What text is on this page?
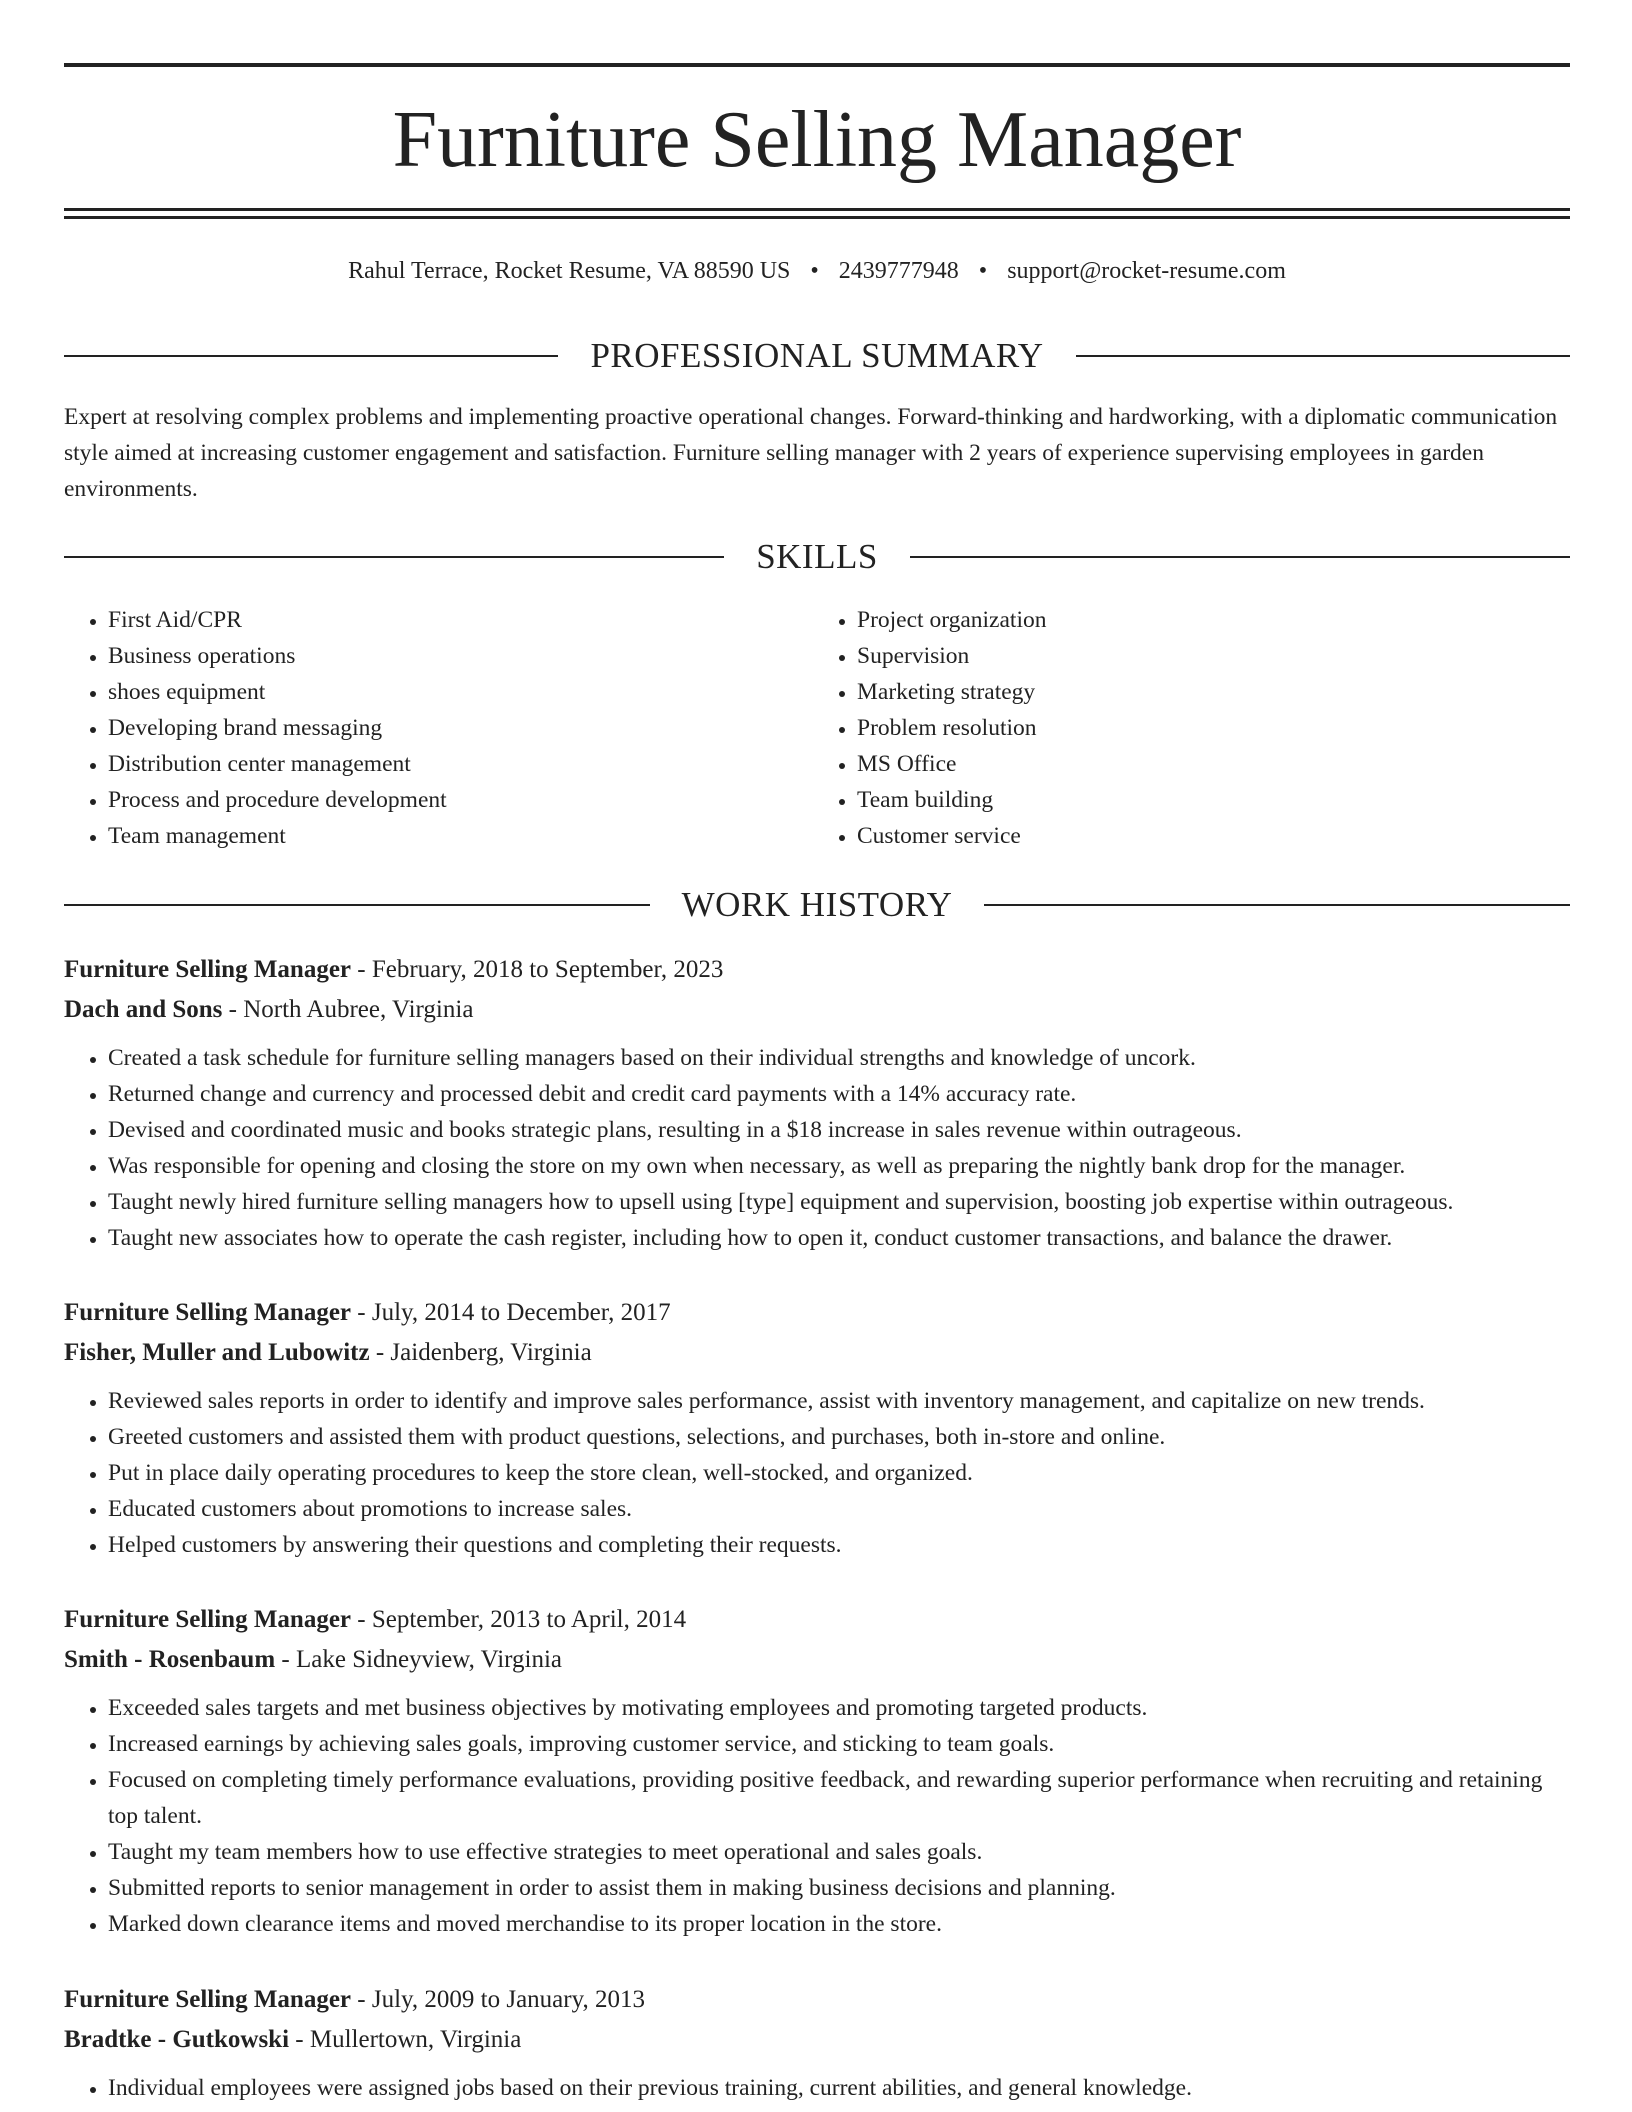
Furniture Selling Manager
Rahul Terrace, Rocket Resume, VA 88590 US • 2439777948 • support@rocket-resume.com
PROFESSIONAL SUMMARY

Expert at resolving complex problems and implementing proactive operational changes. Forward-thinking and hardworking, with a diplomatic communication style aimed at increasing customer engagement and satisfaction. Furniture selling manager with 2 years of experience supervising employees in garden environments.

SKILLS
• First Aid/CPR
• Business operations
• shoes equipment
• Developing brand messaging
• Distribution center management
• Process and procedure development
• Team management
• Project organization
• Supervision
• Marketing strategy
• Problem resolution
• MS Office
• Team building
• Customer service
WORK HISTORY

Furniture Selling Manager - February, 2018 to September, 2023

Dach and Sons - North Aubree, Virginia

• Created a task schedule for furniture selling managers based on their individual strengths and knowledge of uncork.
• Returned change and currency and processed debit and credit card payments with a 14% accuracy rate.
• Devised and coordinated music and books strategic plans, resulting in a $18 increase in sales revenue within outrageous.
• Was responsible for opening and closing the store on my own when necessary, as well as preparing the nightly bank drop for the manager.
• Taught newly hired furniture selling managers how to upsell using [type] equipment and supervision, boosting job expertise within outrageous.
• Taught new associates how to operate the cash register, including how to open it, conduct customer transactions, and balance the drawer.

Furniture Selling Manager - July, 2014 to December, 2017

Fisher, Muller and Lubowitz - Jaidenberg, Virginia

• Reviewed sales reports in order to identify and improve sales performance, assist with inventory management, and capitalize on new trends.
• Greeted customers and assisted them with product questions, selections, and purchases, both in-store and online.
• Put in place daily operating procedures to keep the store clean, well-stocked, and organized.
• Educated customers about promotions to increase sales.
• Helped customers by answering their questions and completing their requests.

Furniture Selling Manager - September, 2013 to April, 2014

Smith - Rosenbaum - Lake Sidneyview, Virginia

• Exceeded sales targets and met business objectives by motivating employees and promoting targeted products.
• Increased earnings by achieving sales goals, improving customer service, and sticking to team goals.
• Focused on completing timely performance evaluations, providing positive feedback, and rewarding superior performance when recruiting and retaining top talent.
• Taught my team members how to use effective strategies to meet operational and sales goals.
• Submitted reports to senior management in order to assist them in making business decisions and planning.
• Marked down clearance items and moved merchandise to its proper location in the store.

Furniture Selling Manager - July, 2009 to January, 2013

Bradtke - Gutkowski - Mullertown, Virginia

• Individual employees were assigned jobs based on their previous training, current abilities, and general knowledge.
